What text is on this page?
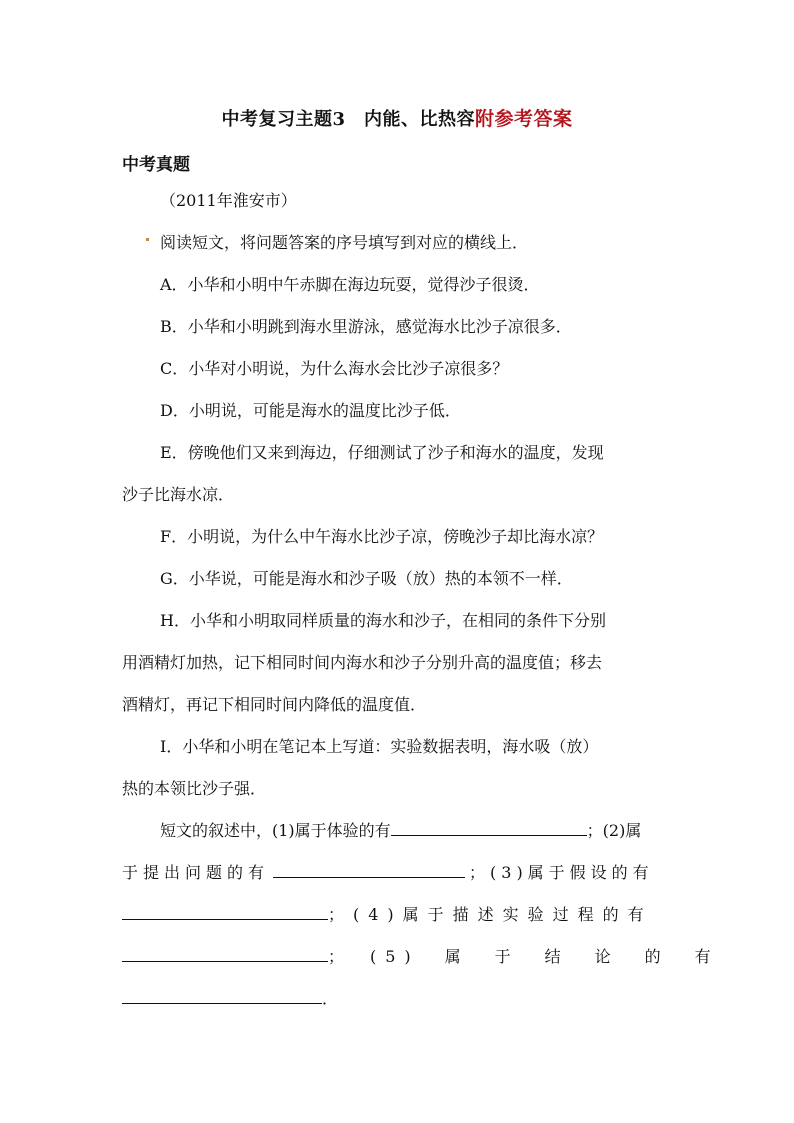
中考复习主题3　内能、比热容附参考答案
中考真题
（2011年淮安市）
阅读短文，将问题答案的序号填写到对应的横线上．
A．小华和小明中午赤脚在海边玩耍，觉得沙子很烫．
B．小华和小明跳到海水里游泳，感觉海水比沙子凉很多．
C．小华对小明说，为什么海水会比沙子凉很多？
D．小明说，可能是海水的温度比沙子低．
E．傍晚他们又来到海边，仔细测试了沙子和海水的温度，发现
沙子比海水凉．
F．小明说，为什么中午海水比沙子凉，傍晚沙子却比海水凉？
G．小华说，可能是海水和沙子吸（放）热的本领不一样．
H．小华和小明取同样质量的海水和沙子，在相同的条件下分别
用酒精灯加热，记下相同时间内海水和沙子分别升高的温度值；移去
酒精灯，再记下相同时间内降低的温度值．
I．小华和小明在笔记本上写道：实验数据表明，海水吸（放）
热的本领比沙子强．
短文的叙述中，(1)属于体验的有	；(2)属
于提出问题的有	；(3)属于假设的有
；(4)属于描述实验过程的有
；　(5)　属　于　结　论　的　有
．
